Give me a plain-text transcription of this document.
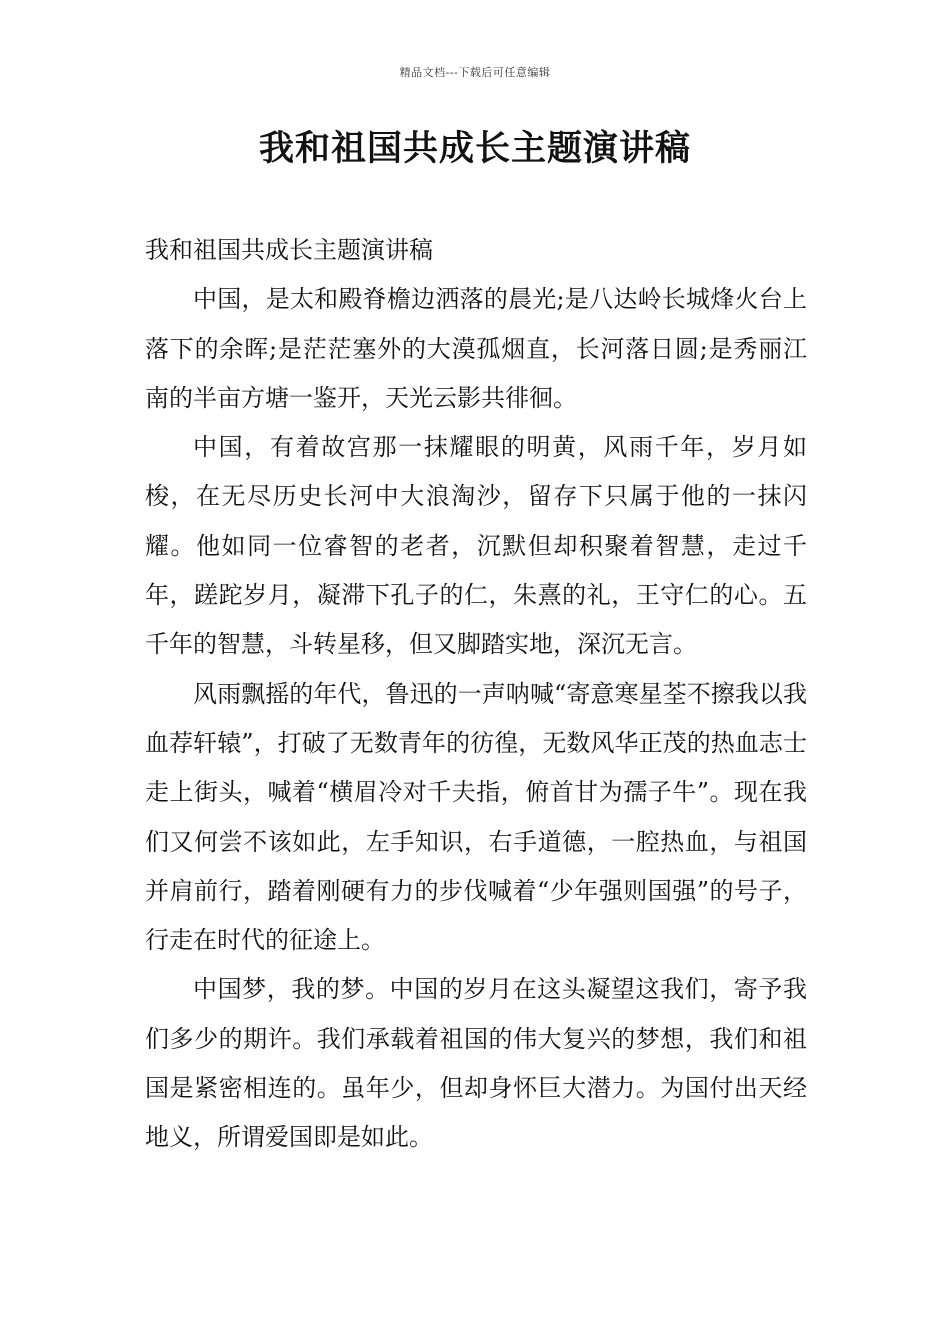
精品文档---下载后可任意编辑
我和祖国共成长主题演讲稿

我和祖国共成长主题演讲稿

中国，是太和殿脊檐边洒落的晨光;是八达岭长城烽火台上落下的余晖;是茫茫塞外的大漠孤烟直，长河落日圆;是秀丽江南的半亩方塘一鉴开，天光云影共徘徊。

中国，有着故宫那一抹耀眼的明黄，风雨千年，岁月如梭，在无尽历史长河中大浪淘沙，留存下只属于他的一抹闪耀。他如同一位睿智的老者，沉默但却积聚着智慧，走过千年，蹉跎岁月，凝滞下孔子的仁，朱熹的礼，王守仁的心。五千年的智慧，斗转星移，但又脚踏实地，深沉无言。

风雨飘摇的年代，鲁迅的一声呐喊“寄意寒星荃不擦我以我血荐轩辕”，打破了无数青年的彷徨，无数风华正茂的热血志士走上街头，喊着“横眉冷对千夫指，俯首甘为孺子牛”。现在我们又何尝不该如此，左手知识，右手道德，一腔热血，与祖国并肩前行，踏着刚硬有力的步伐喊着“少年强则国强”的号子，行走在时代的征途上。

中国梦，我的梦。中国的岁月在这头凝望这我们，寄予我们多少的期许。我们承载着祖国的伟大复兴的梦想，我们和祖国是紧密相连的。虽年少，但却身怀巨大潜力。为国付出天经地义，所谓爱国即是如此。
